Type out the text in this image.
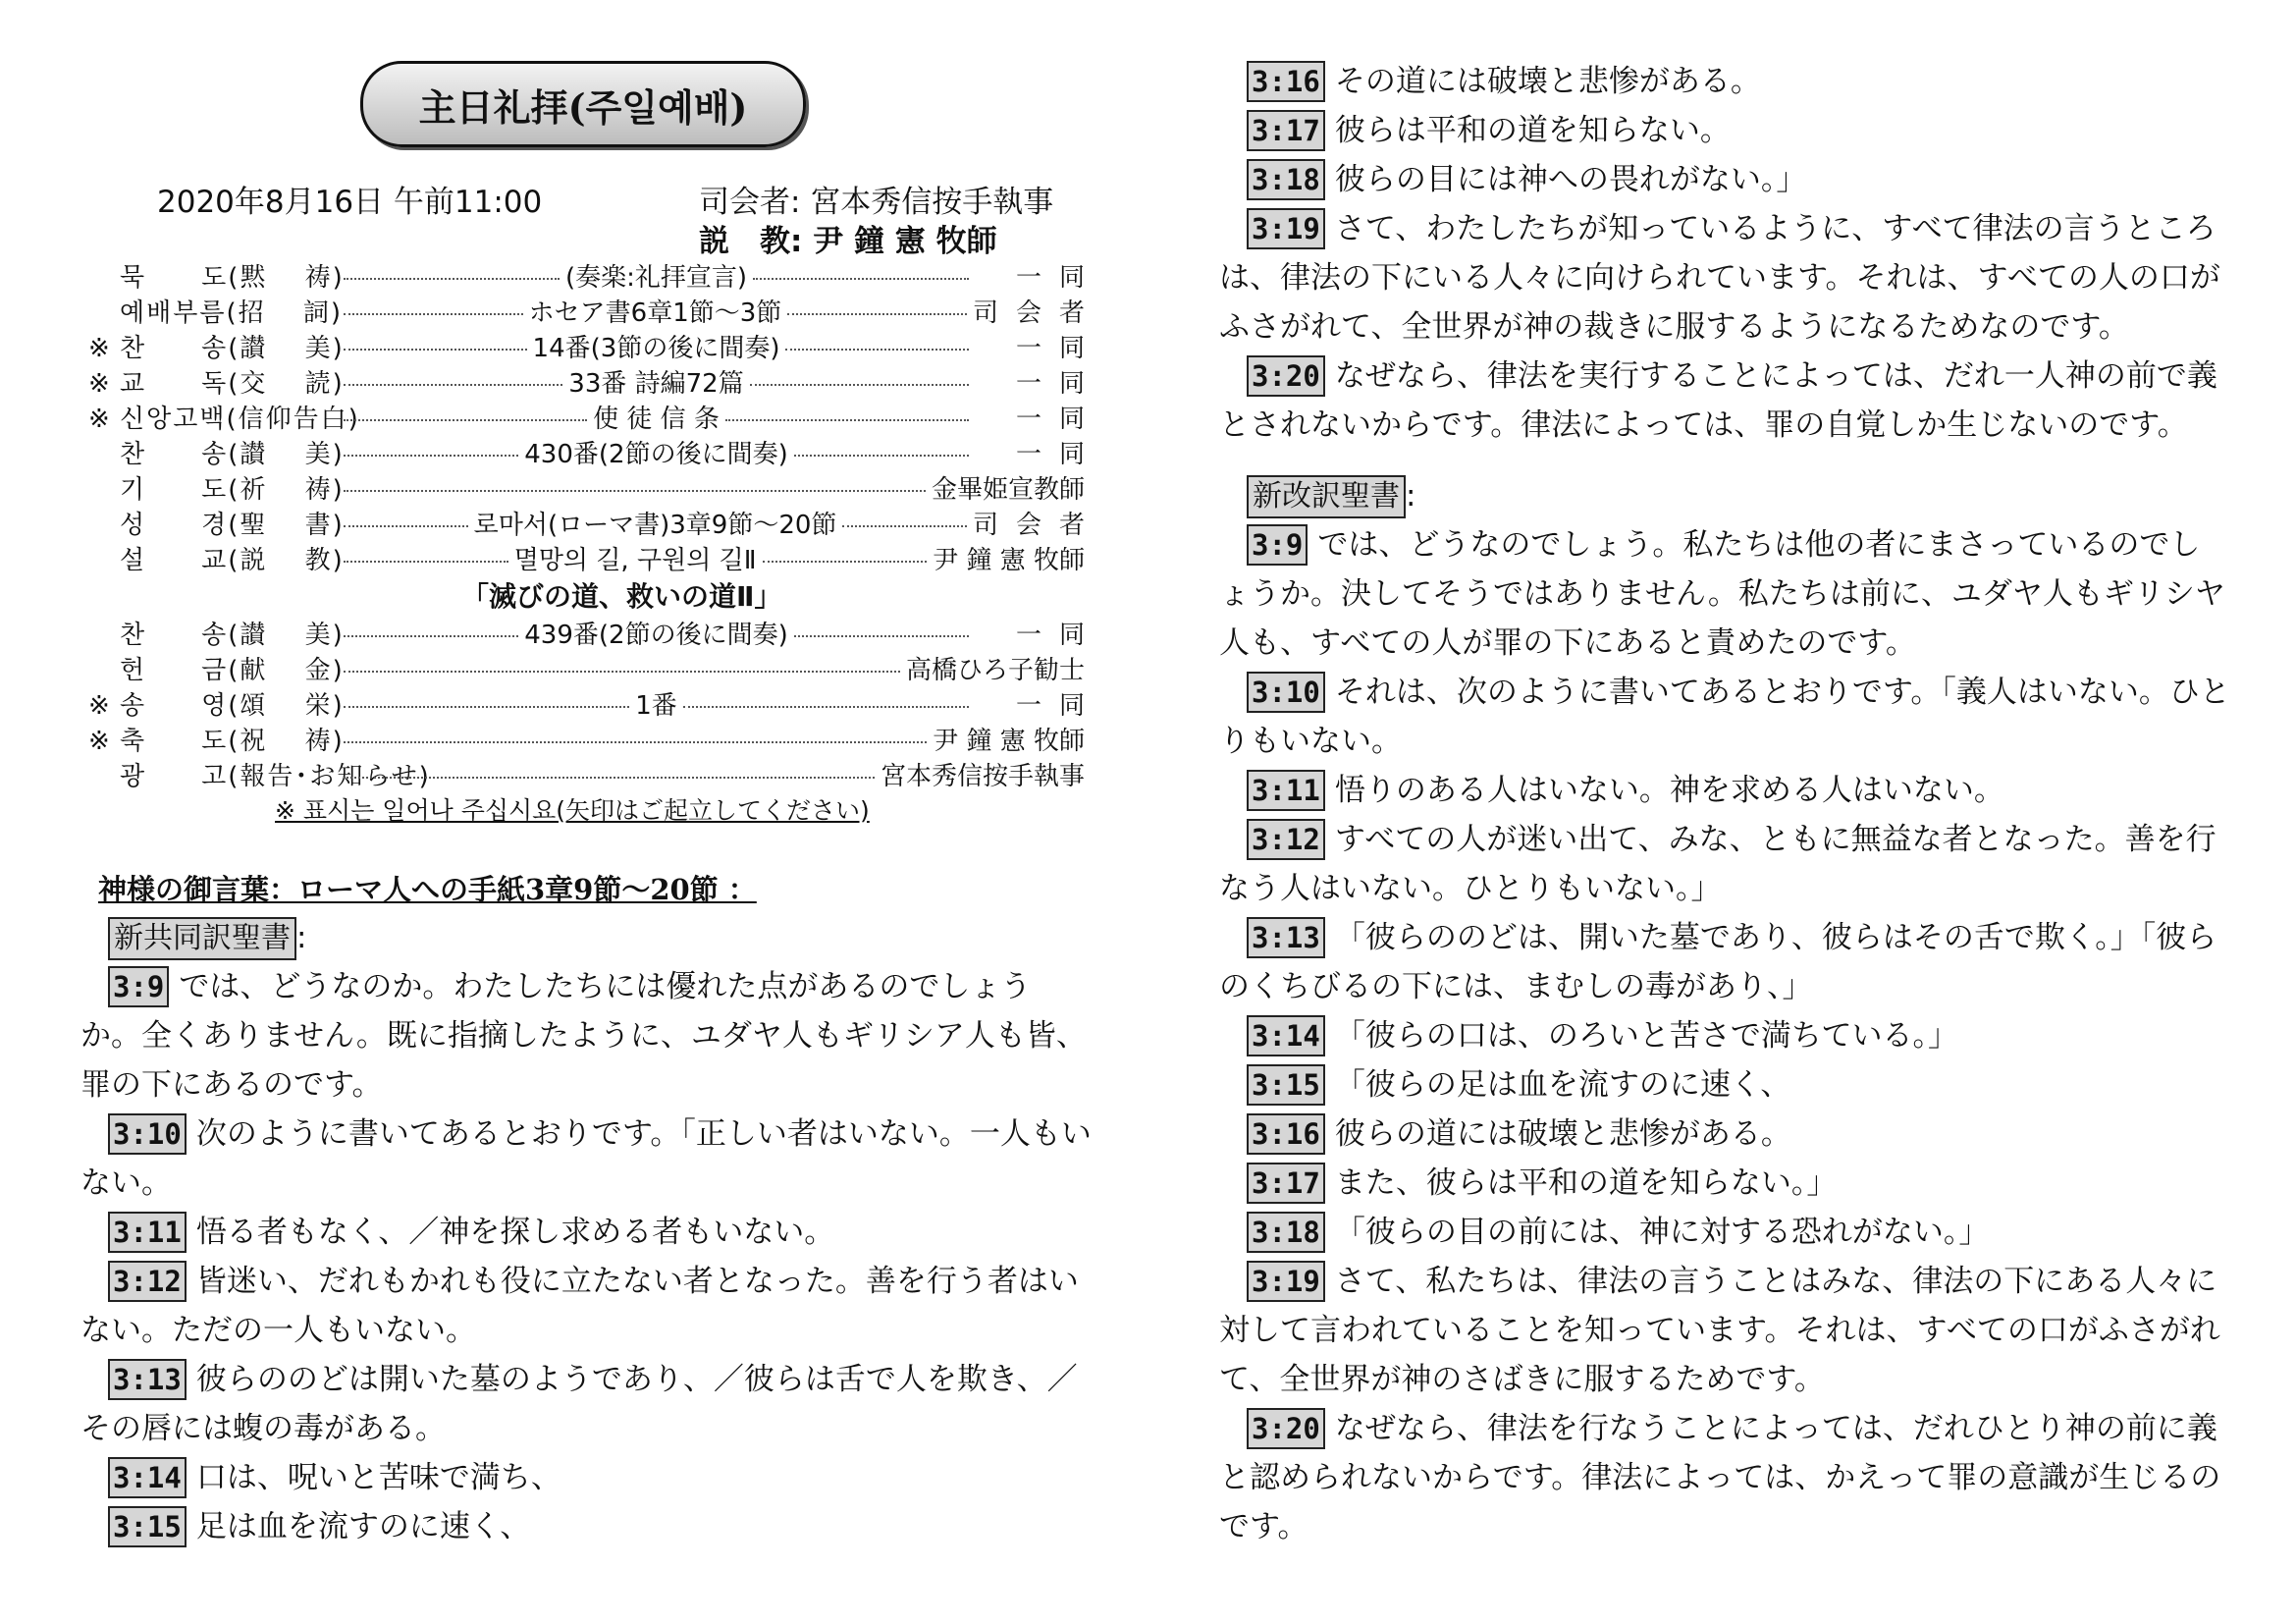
主日礼拝(주일예배)
2020年8月16日 午前11:00	司会者: 宮本秀信按手執事
説　教: 尹 鐘 憲 牧師
묵　　도(黙　 祷)	(奏楽:礼拝宣言)	一同
예배부름(招　 詞)	ホセア書6章1節～3節	司会者
※ 찬　　송(讃　 美)	14番(3節の後に間奏)	一同
※ 교　　독(交　 読)	33番 詩編72篇	一同
※ 신앙고백(信仰告白)	使 徒 信 条	一同
찬　　송(讃　 美)	430番(2節の後に間奏)	一同
기　　도(祈　 祷)	金畢姫宣教師
성　　경(聖　 書)	로마서(ローマ書)3章9節～20節	司会者
설　　교(説　 教)	멸망의 길, 구원의 길Ⅱ	尹 鐘 憲 牧師
「滅びの道、救いの道Ⅱ」
찬　　송(讃　 美)	439番(2節の後に間奏)	一同
헌　　금(献　 金)	高橋ひろ子勧士
※ 송　　영(頌　 栄)	1番	一同
※ 축　　도(祝　 祷)	尹 鐘 憲 牧師
광　　고(報告･お知らせ)	宮本秀信按手執事
※ 표시는 일어나 주십시요(矢印はご起立してください)
神様の御言葉：ローマ人への手紙3章9節～20節 ：

新共同訳聖書 :

3:9 では、どうなのか。わたしたちには優れた点があるのでしょうか。全くありません。既に指摘したように、ユダヤ人もギリシア人も皆、罪の下にあるのです。

3:10 次のように書いてあるとおりです。「正しい者はいない。一人もいない。

3:11 悟る者もなく、／神を探し求める者もいない。

3:12 皆迷い、だれもかれも役に立たない者となった。善を行う者はいない。ただの一人もいない。

3:13 彼らののどは開いた墓のようであり、／彼らは舌で人を欺き、／その唇には蝮の毒がある。

3:14 口は、呪いと苦味で満ち、

3:15 足は血を流すのに速く、

3:16 その道には破壊と悲惨がある。

3:17 彼らは平和の道を知らない。

3:18 彼らの目には神への畏れがない。」

3:19 さて、わたしたちが知っているように、すべて律法の言うところは、律法の下にいる人々に向けられています。それは、すべての人の口がふさがれて、全世界が神の裁きに服するようになるためなのです。

3:20 なぜなら、律法を実行することによっては、だれ一人神の前で義とされないからです。律法によっては、罪の自覚しか生じないのです。

新改訳聖書 :

3:9 では、どうなのでしょう。私たちは他の者にまさっているのでしょうか。決してそうではありません。私たちは前に、ユダヤ人もギリシヤ人も、すべての人が罪の下にあると責めたのです。

3:10 それは、次のように書いてあるとおりです。「義人はいない。ひとりもいない。

3:11 悟りのある人はいない。神を求める人はいない。

3:12 すべての人が迷い出て、みな、ともに無益な者となった。善を行なう人はいない。ひとりもいない。」

3:13 「彼らののどは、開いた墓であり、彼らはその舌で欺く。」「彼らのくちびるの下には、まむしの毒があり、」

3:14 「彼らの口は、のろいと苦さで満ちている。」

3:15 「彼らの足は血を流すのに速く、

3:16 彼らの道には破壊と悲惨がある。

3:17 また、彼らは平和の道を知らない。」

3:18 「彼らの目の前には、神に対する恐れがない。」

3:19 さて、私たちは、律法の言うことはみな、律法の下にある人々に対して言われていることを知っています。それは、すべての口がふさがれて、全世界が神のさばきに服するためです。

3:20 なぜなら、律法を行なうことによっては、だれひとり神の前に義と認められないからです。律法によっては、かえって罪の意識が生じるのです。
